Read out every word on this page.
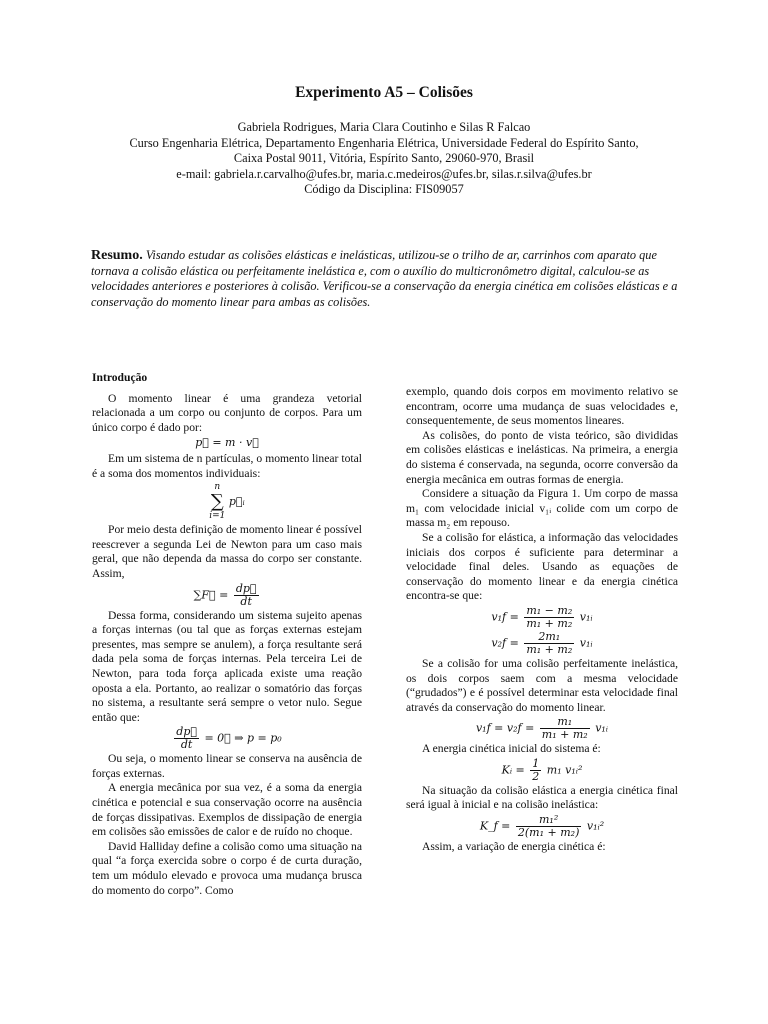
Experimento A5 – Colisões
Gabriela Rodrigues, Maria Clara Coutinho e Silas R Falcao
Curso Engenharia Elétrica, Departamento Engenharia Elétrica, Universidade Federal do Espírito Santo,
Caixa Postal 9011, Vitória, Espírito Santo, 29060-970, Brasil
e-mail: gabriela.r.carvalho@ufes.br, maria.c.medeiros@ufes.br, silas.r.silva@ufes.br
Código da Disciplina: FIS09057
Resumo. Visando estudar as colisões elásticas e inelásticas, utilizou-se o trilho de ar, carrinhos com aparato que tornava a colisão elástica ou perfeitamente inelástica e, com o auxílio do multicronômetro digital, calculou-se as velocidades anteriores e posteriores à colisão. Verificou-se a conservação da energia cinética em colisões elásticas e a conservação do momento linear para ambas as colisões.

Introdução

O momento linear é uma grandeza vetorial relacionada a um corpo ou conjunto de corpos. Para um único corpo é dado por:

p⃗ = m · v⃗

Em um sistema de n partículas, o momento linear total é a soma dos momentos individuais:

n
∑
i=1
p⃗ᵢ

Por meio desta definição de momento linear é possível reescrever a segunda Lei de Newton para um caso mais geral, que não dependa da massa do corpo ser constante. Assim,

∑F⃗ = $\frac{dp⃗}{dt}$

Dessa forma, considerando um sistema sujeito apenas a forças internas (ou tal que as forças externas estejam presentes, mas sempre se anulem), a força resultante será dada pela soma de forças internas. Pela terceira Lei de Newton, para toda força aplicada existe uma reação oposta a ela. Portanto, ao realizar o somatório das forças no sistema, a resultante será sempre o vetor nulo. Segue então que:

$\frac{dp⃗}{dt}$ = 0⃗ ⇒ p = p₀

Ou seja, o momento linear se conserva na ausência de forças externas.

A energia mecânica por sua vez, é a soma da energia cinética e potencial e sua conservação ocorre na ausência de forças dissipativas. Exemplos de dissipação de energia em colisões são emissões de calor e de ruído no choque.

David Halliday define a colisão como uma situação na qual “a força exercida sobre o corpo é de curta duração, tem um módulo elevado e provoca uma mudança brusca do momento do corpo”. Como

exemplo, quando dois corpos em movimento relativo se encontram, ocorre uma mudança de suas velocidades e, consequentemente, de seus momentos lineares.

As colisões, do ponto de vista teórico, são divididas em colisões elásticas e inelásticas. Na primeira, a energia do sistema é conservada, na segunda, ocorre conversão da energia mecânica em outras formas de energia.

Considere a situação da Figura 1. Um corpo de massa m₁ com velocidade inicial v₁ᵢ colide com um corpo de massa m₂ em repouso.

Se a colisão for elástica, a informação das velocidades iniciais dos corpos é suficiente para determinar a velocidade final deles. Usando as equações de conservação do momento linear e da energia cinética encontra-se que:

$v_1f = \frac{\text{m₁ − m₂}}{\text{m₁ + m₂}}$ v₁ᵢ
$v_2f = \frac{\text{2m₁}}{\text{m₁ + m₂}}$ v₁ᵢ

Se a colisão for uma colisão perfeitamente inelástica, os dois corpos saem com a mesma velocidade (“grudados”) e é possível determinar esta velocidade final através da conservação do momento linear.

$v_1f = v_2f = \frac{\text{m₁}}{\text{m₁ + m₂}}$ v₁ᵢ

A energia cinética inicial do sistema é:

Kᵢ = $\frac{1}{2} m_1$ v₁ᵢ²

Na situação da colisão elástica a energia cinética final será igual à inicial e na colisão inelástica:

K_f = $\frac{\text{m₁²}}{\text{2(m₁ + m₂)}}$ v₁ᵢ²

Assim, a variação de energia cinética é:
